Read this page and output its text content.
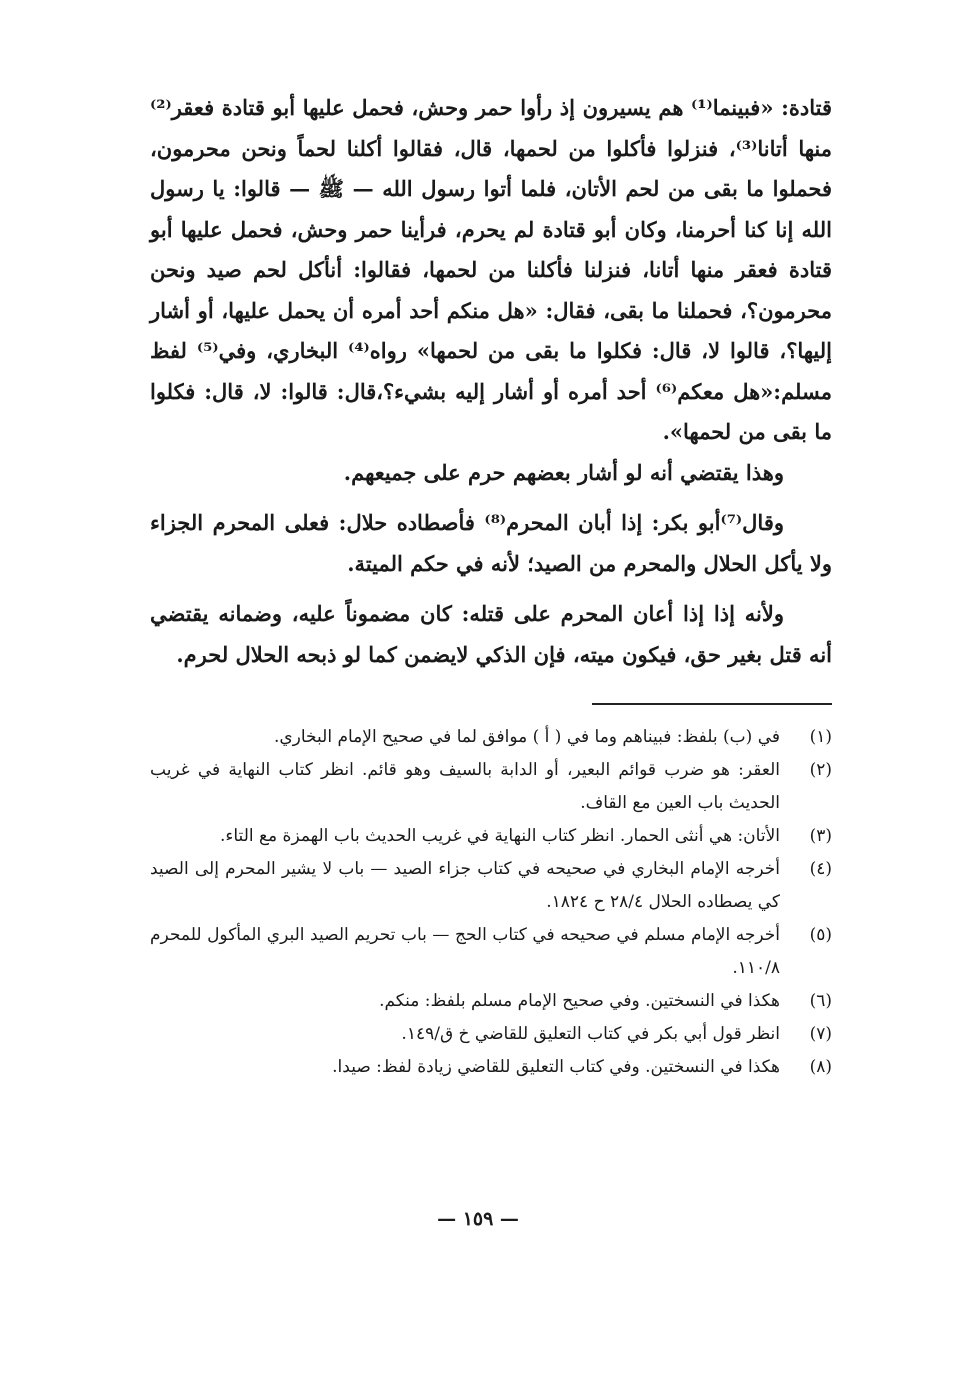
قتادة: «فبينما⁽¹⁾ هم يسيرون إذ رأوا حمر وحش، فحمل عليها أبو قتادة فعقر⁽²⁾ منها أتانا⁽³⁾، فنزلوا فأكلوا من لحمها، قال، فقالوا أكلنا لحماً ونحن محرمون، فحملوا ما بقى من لحم الأتان، فلما أتوا رسول الله — ﷺ — قالوا: يا رسول الله إنا كنا أحرمنا، وكان أبو قتادة لم يحرم، فرأينا حمر وحش، فحمل عليها أبو قتادة فعقر منها أتانا، فنزلنا فأكلنا من لحمها، فقالوا: أنأكل لحم صيد ونحن محرمون؟، فحملنا ما بقى، فقال: «هل منكم أحد أمره أن يحمل عليها، أو أشار إليها؟، قالوا لا، قال: فكلوا ما بقى من لحمها» رواه⁽⁴⁾ البخاري، وفي⁽⁵⁾ لفظ مسلم:«هل معكم⁽⁶⁾ أحد أمره أو أشار إليه بشيء؟،قال: قالوا: لا، قال: فكلوا ما بقى من لحمها».

وهذا يقتضي أنه لو أشار بعضهم حرم على جميعهم.

وقال⁽⁷⁾أبو بكر: إذا أبان المحرم⁽⁸⁾ فأصطاده حلال: فعلى المحرم الجزاء ولا يأكل الحلال والمحرم من الصيد؛ لأنه في حكم الميتة.

ولأنه إذا إذا أعان المحرم على قتله: كان مضموناً عليه، وضمانه يقتضي أنه قتل بغير حق، فيكون ميته، فإن الذكي لايضمن كما لو ذبحه الحلال لحرم.

(١)
في (ب) بلفظ: فبيناهم وما في ( أ ) موافق لما في صحيح الإمام البخاري.
(٢)
العقر: هو ضرب قوائم البعير، أو الدابة بالسيف وهو قائم. انظر كتاب النهاية في غريب الحديث باب العين مع القاف.
(٣)
الأتان: هي أنثى الحمار. انظر كتاب النهاية في غريب الحديث باب الهمزة مع التاء.
(٤)
أخرجه الإمام البخاري في صحيحه في كتاب جزاء الصيد — باب لا يشير المحرم إلى الصيد كي يصطاده الحلال ٢٨/٤ ح ١٨٢٤.
(٥)
أخرجه الإمام مسلم في صحيحه في كتاب الحج — باب تحريم الصيد البري المأكول للمحرم ١١٠/٨.
(٦)
هكذا في النسختين. وفي صحيح الإمام مسلم بلفظ: منكم.
(٧)
انظر قول أبي بكر في كتاب التعليق للقاضي خ ق/١٤٩.
(٨)
هكذا في النسختين. وفي كتاب التعليق للقاضي زيادة لفظ: صيدا.
— ١٥٩ —
